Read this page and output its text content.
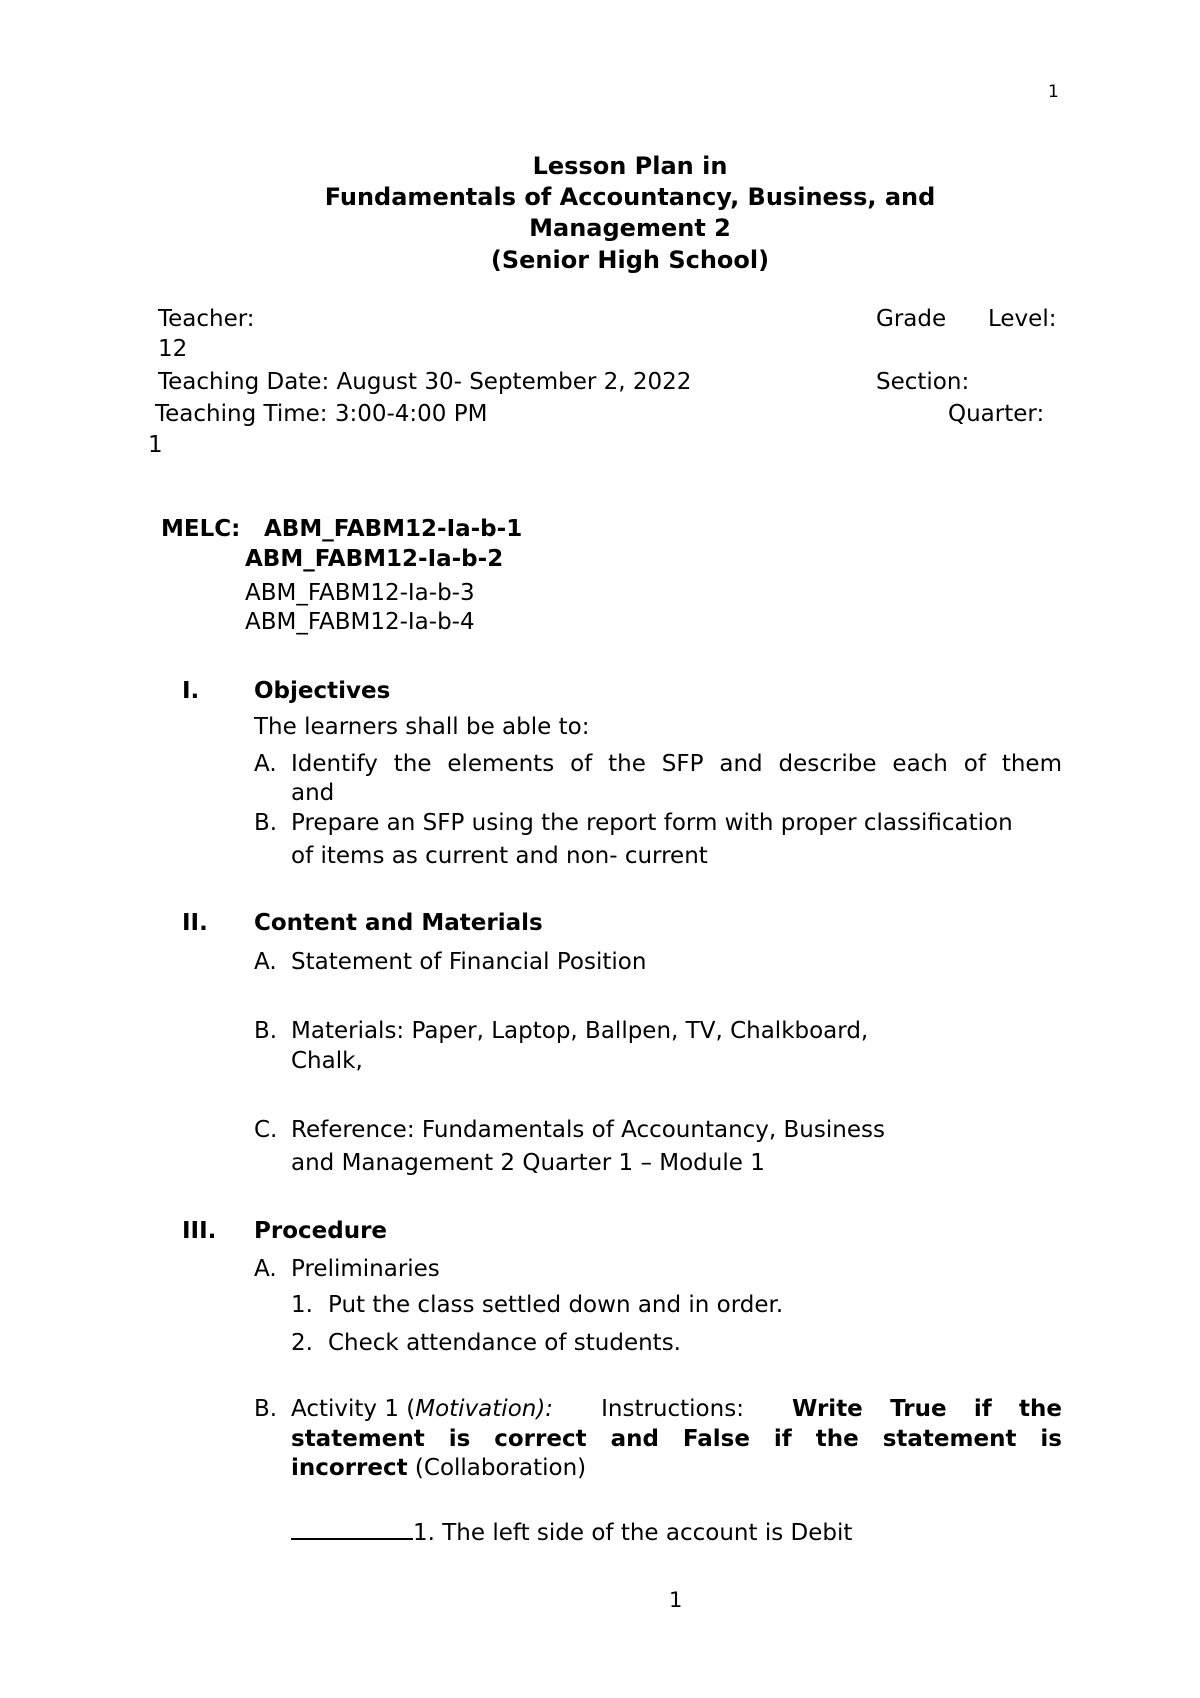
1
Lesson Plan in
Fundamentals of Accountancy, Business, and
Management 2
(Senior High School)
Teacher:	Grade Level:
12
Teaching Date: August 30- September 2, 2022	Section:
Teaching Time: 3:00-4:00 PM	Quarter:
1
MELC: ABM_FABM12-Ia-b-1
ABM_FABM12-Ia-b-2
ABM_FABM12-Ia-b-3
ABM_FABM12-Ia-b-4
I. Objectives
The learners shall be able to:
A. Identify the elements of the SFP and describe each of them
and
B. Prepare an SFP using the report form with proper classification
of items as current and non- current
II. Content and Materials
A. Statement of Financial Position
B. Materials: Paper, Laptop, Ballpen, TV, Chalkboard,
Chalk,
C. Reference: Fundamentals of Accountancy, Business
and Management 2 Quarter 1 – Module 1
III. Procedure
A. Preliminaries
1. Put the class settled down and in order.
2. Check attendance of students.
B. Activity 1 (Motivation): Instructions: Write True if the
statement is correct and False if the statement is
incorrect (Collaboration)
1. The left side of the account is Debit
1
